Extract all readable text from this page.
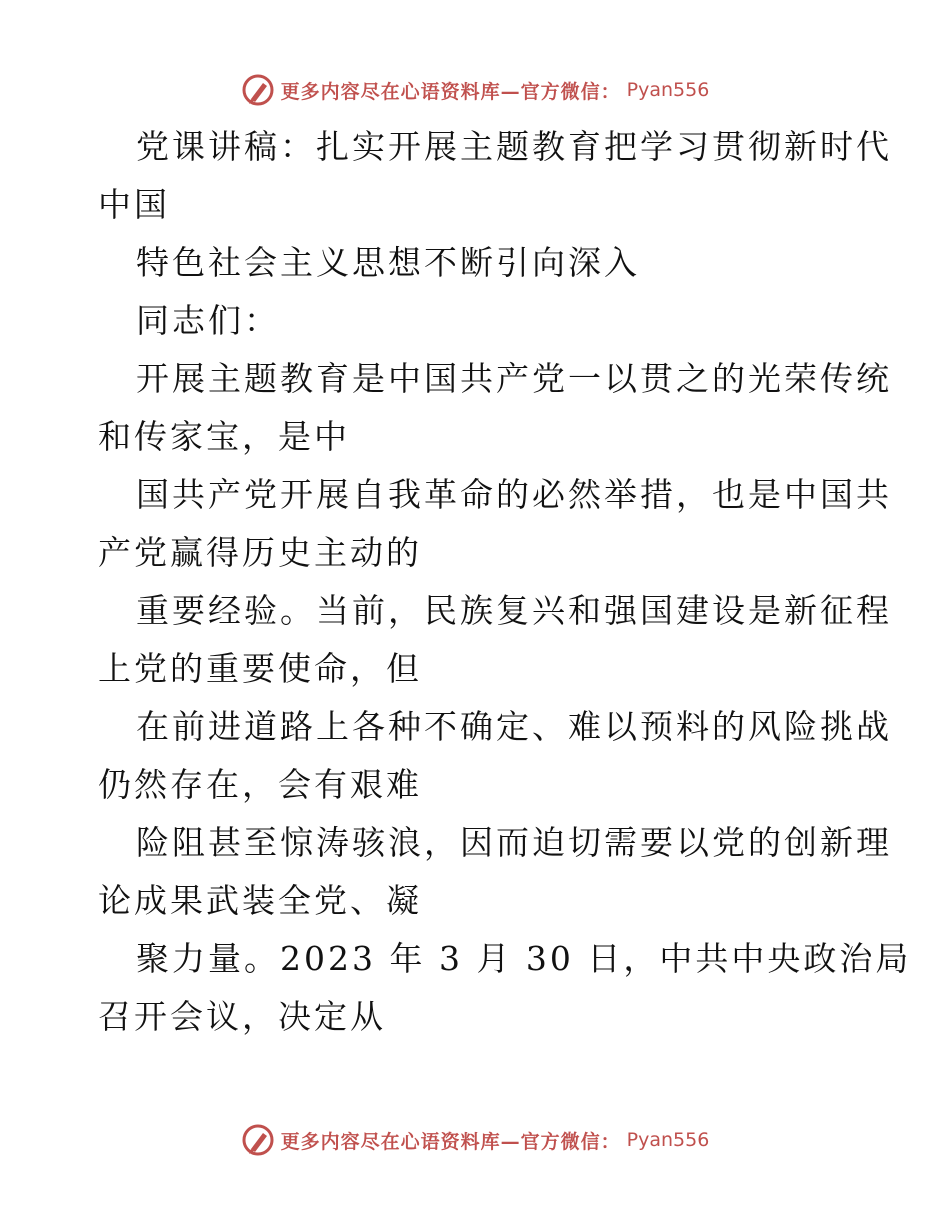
更多内容尽在心语资料库—官方微信： Pyan556
党课讲稿：扎实开展主题教育把学习贯彻新时代
中国
特色社会主义思想不断引向深入
同志们：
开展主题教育是中国共产党一以贯之的光荣传统
和传家宝，是中
国共产党开展自我革命的必然举措，也是中国共
产党赢得历史主动的
重要经验。当前，民族复兴和强国建设是新征程
上党的重要使命，但
在前进道路上各种不确定、难以预料的风险挑战
仍然存在，会有艰难
险阻甚至惊涛骇浪，因而迫切需要以党的创新理
论成果武装全党、凝
聚力量。2023 年 3 月 30 日，中共中央政治局
召开会议，决定从
更多内容尽在心语资料库—官方微信： Pyan556
